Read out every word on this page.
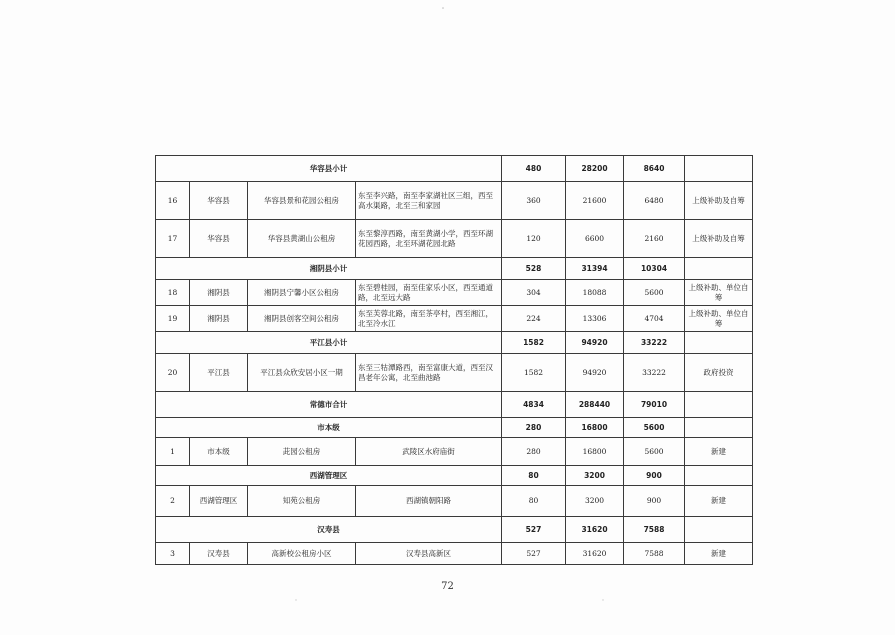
华容县小计				480	28200	8640	
16	华容县	华容县景和花园公租房	东至李兴路，南至李家湖社区三组，西至高水渠路，北至三和家园	360	21600	6480	上级补助及自筹
17	华容县	华容县黄湖山公租房	东至黎淳西路，南至黄湖小学，西至环湖花园西路，北至环湖花园北路	120	6600	2160	上级补助及自筹
湘阴县小计				528	31394	10304	
18	湘阴县	湘阴县宁馨小区公租房	东至碧桂园，南至佳家乐小区，西至通道路，北至远大路	304	18088	5600	上级补助、单位自筹
19	湘阴县	湘阴县创客空间公租房	东至芙蓉北路，南至茶亭村，西至湘江，北至冷水江	224	13306	4704	上级补助、单位自筹
平江县小计				1582	94920	33222	
20	平江县	平江县众欣安居小区一期	东至三牯潭路西，南至富康大道，西至汉昌老年公寓，北至曲池路	1582	94920	33222	政府投资
常德市合计				4834	288440	79010	
市本级				280	16800	5600	
1	市本级	茈园公租房	武陵区水府庙街	280	16800	5600	新建
西湖管理区				80	3200	900	
2	西湖管理区	知苑公租房	西湖镇朝阳路	80	3200	900	新建
汉寿县				527	31620	7588	
3	汉寿县	高新校公租房小区	汉寿县高新区	527	31620	7588	新建
72
